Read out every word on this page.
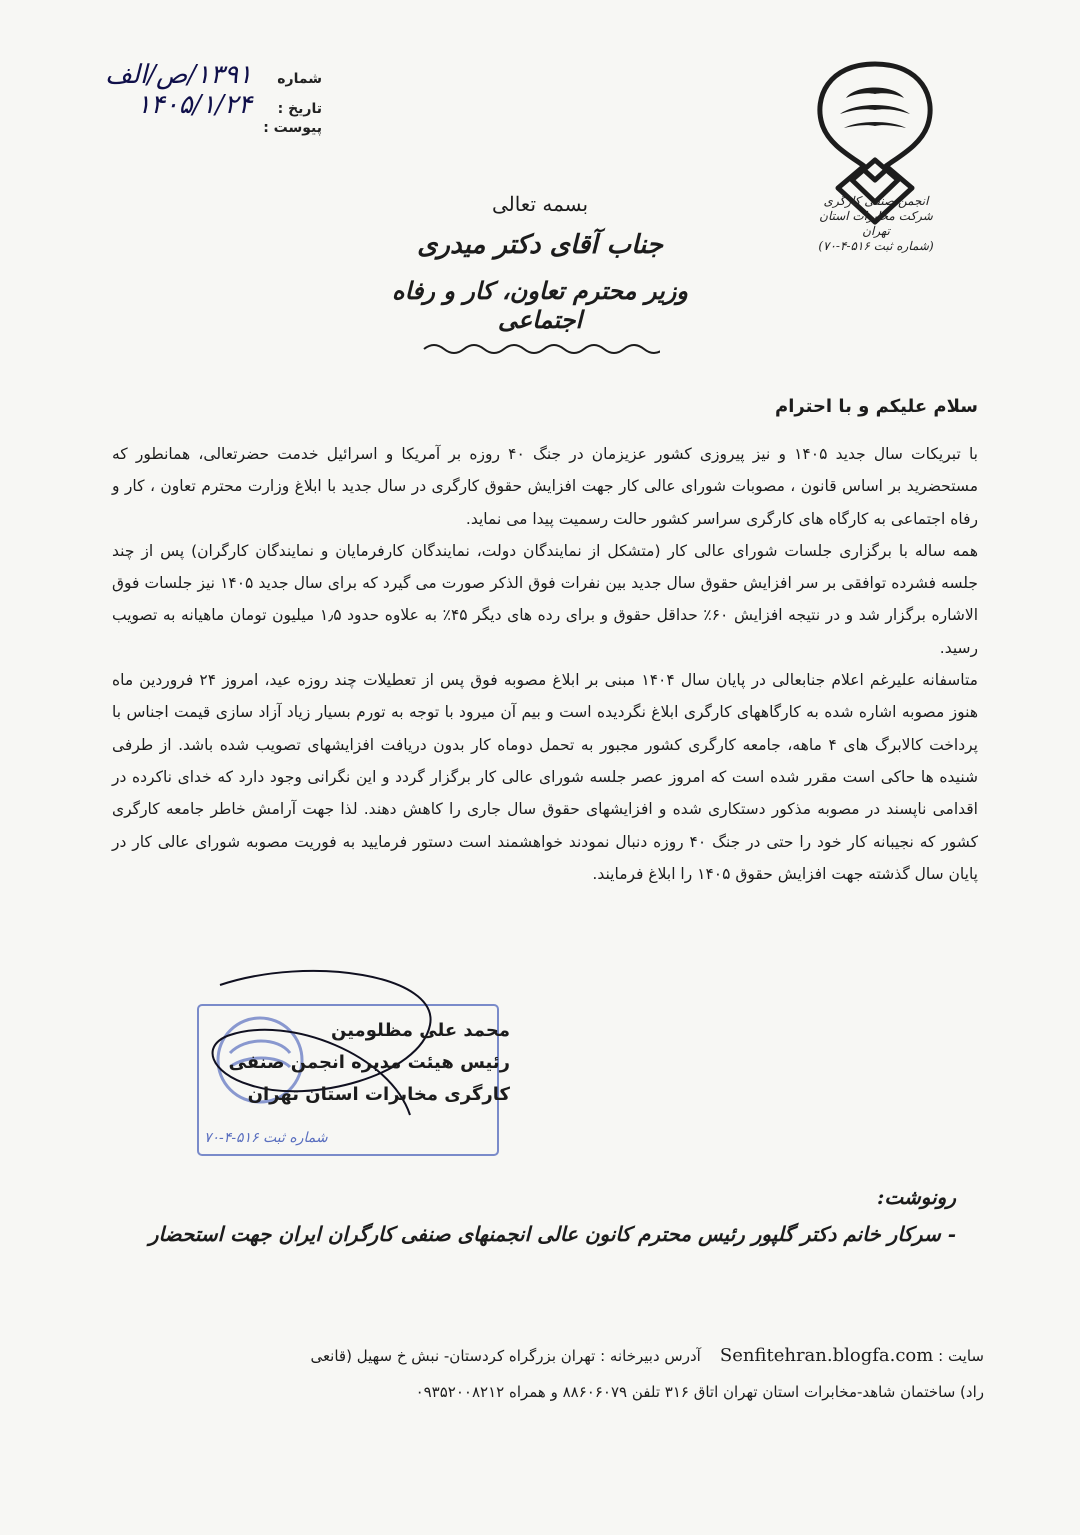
شماره
۱۳۹۱/ص/الف
تاریخ :
۱۴۰۵/۱/۲۴
پیوست :
انجمن صنفی کارگری
شرکت مخابرات استان تهران
(شماره ثبت ۵۱۶-۴-۷۰)
بسمه تعالی
جناب آقای دکتر میدری
وزیر محترم تعاون، کار و رفاه اجتماعی
سلام علیکم و با احترام

با تبریکات سال جدید ۱۴۰۵ و نیز پیروزی کشور عزیزمان در جنگ ۴۰ روزه بر آمریکا و اسرائیل خدمت حضرتعالی، همانطور که مستحضرید بر اساس قانون ، مصوبات شورای عالی کار جهت افزایش حقوق کارگری در سال جدید با ابلاغ وزارت محترم تعاون ، کار و رفاه اجتماعی به کارگاه های کارگری سراسر کشور حالت رسمیت پیدا می نماید.

همه ساله با برگزاری جلسات شورای عالی کار (متشکل از نمایندگان دولت، نمایندگان کارفرمایان و نمایندگان کارگران) پس از چند جلسه فشرده توافقی بر سر افزایش حقوق سال جدید بین نفرات فوق الذکر صورت می گیرد که برای سال جدید ۱۴۰۵ نیز جلسات فوق الاشاره برگزار شد و در نتیجه افزایش ۶۰٪ حداقل حقوق و برای رده های دیگر ۴۵٪ به علاوه حدود ۱٫۵ میلیون تومان ماهیانه به تصویب رسید.

متاسفانه علیرغم اعلام جنابعالی در پایان سال ۱۴۰۴ مبنی بر ابلاغ مصوبه فوق پس از تعطیلات چند روزه عید، امروز ۲۴ فروردین ماه هنوز مصوبه اشاره شده به کارگاههای کارگری ابلاغ نگردیده است و بیم آن میرود با توجه به تورم بسیار زیاد آزاد سازی قیمت اجناس با پرداخت کالابرگ های ۴ ماهه، جامعه کارگری کشور مجبور به تحمل دوماه کار بدون دریافت افزایشهای تصویب شده باشد. از طرفی شنیده ها حاکی است مقرر شده است که امروز عصر جلسه شورای عالی کار برگزار گردد و این نگرانی وجود دارد که خدای ناکرده در اقدامی ناپسند در مصوبه مذکور دستکاری شده و افزایشهای حقوق سال جاری را کاهش دهند. لذا جهت آرامش خاطر جامعه کارگری کشور که نجیبانه کار خود را حتی در جنگ ۴۰ روزه دنبال نمودند خواهشمند است دستور فرمایید به فوریت مصوبه شورای عالی کار در پایان سال گذشته جهت افزایش حقوق ۱۴۰۵ را ابلاغ فرمایند.

محمد علی مظلومین
رئیس هیئت مدیره انجمن صنفی
کارگری مخابرات استان تهران
شماره ثبت ۵۱۶-۴-۷۰
رونوشت:
- سرکار خانم دکتر گلپور رئیس محترم کانون عالی انجمنهای صنفی کارگران ایران جهت استحضار
سایت : Senfitehran.blogfa.com    آدرس دبیرخانه : تهران بزرگراه کردستان- نبش خ سهیل (قانعی
راد) ساختمان شاهد-مخابرات استان تهران اتاق ۳۱۶ تلفن ۸۸۶۰۶۰۷۹ و همراه ۰۹۳۵۲۰۰۸۲۱۲
